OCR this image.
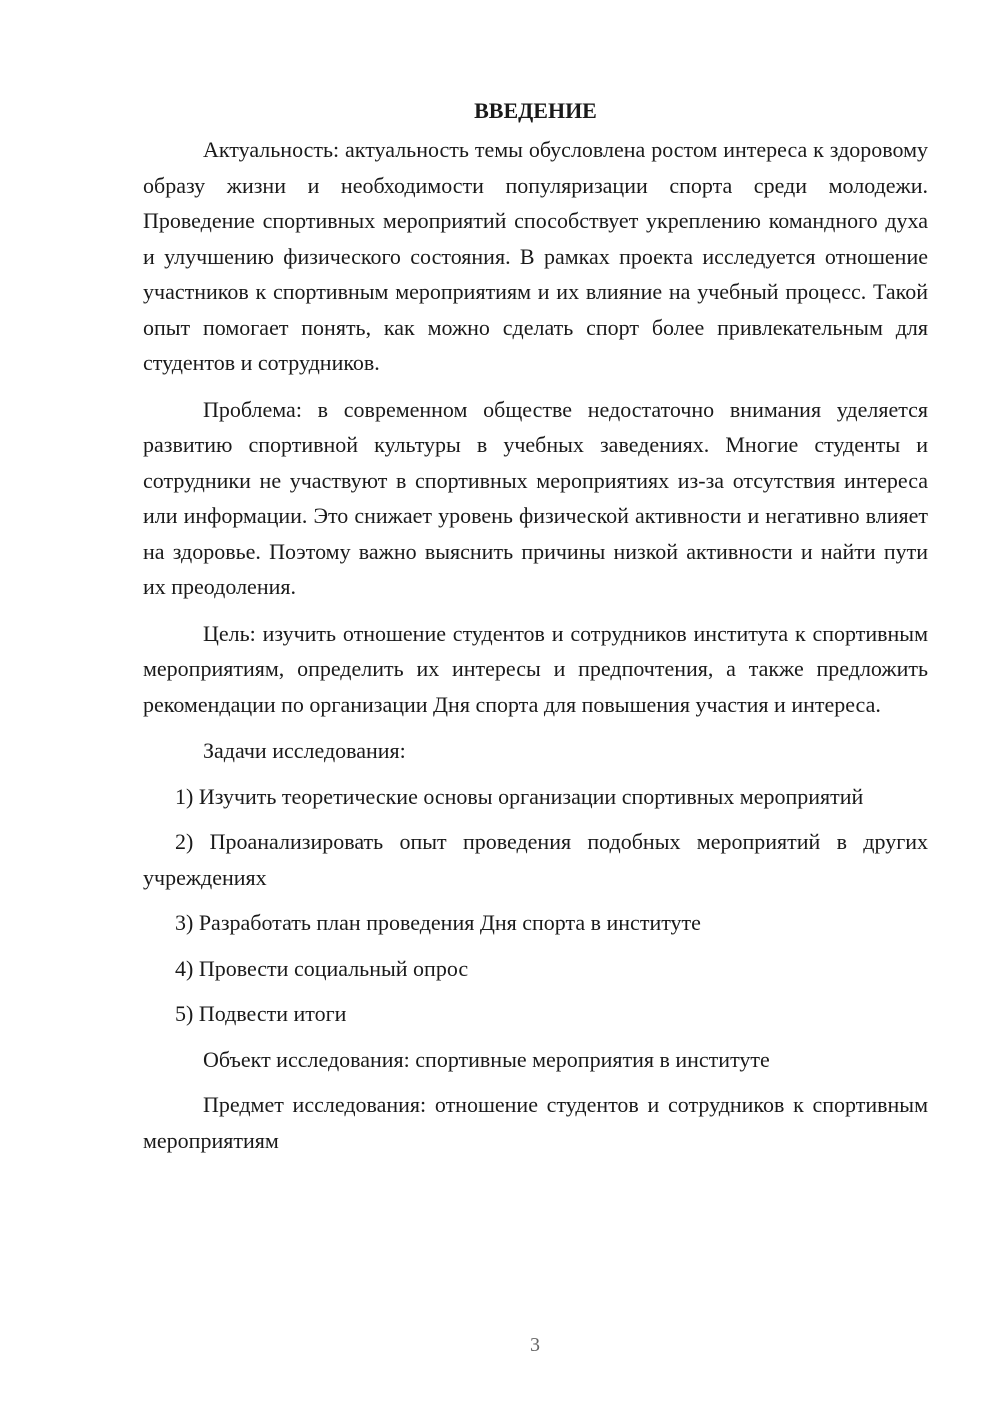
ВВЕДЕНИЕ

Актуальность: актуальность темы обусловлена ростом интереса к здоровому образу жизни и необходимости популяризации спорта среди молодежи. Проведение спортивных мероприятий способствует укреплению командного духа и улучшению физического состояния. В рамках проекта исследуется отношение участников к спортивным мероприятиям и их влияние на учебный процесс. Такой опыт помогает понять, как можно сделать спорт более привлекательным для студентов и сотрудников.

Проблема: в современном обществе недостаточно внимания уделяется развитию спортивной культуры в учебных заведениях. Многие студенты и сотрудники не участвуют в спортивных мероприятиях из-за отсутствия интереса или информации. Это снижает уровень физической активности и негативно влияет на здоровье. Поэтому важно выяснить причины низкой активности и найти пути их преодоления.

Цель: изучить отношение студентов и сотрудников института к спортивным мероприятиям, определить их интересы и предпочтения, а также предложить рекомендации по организации Дня спорта для повышения участия и интереса.

Задачи исследования:

1) Изучить теоретические основы организации спортивных мероприятий

2) Проанализировать опыт проведения подобных мероприятий в других учреждениях

3) Разработать план проведения Дня спорта в институте

4) Провести социальный опрос

5) Подвести итоги

Объект исследования: спортивные мероприятия в институте

Предмет исследования: отношение студентов и сотрудников к спортивным мероприятиям

3
